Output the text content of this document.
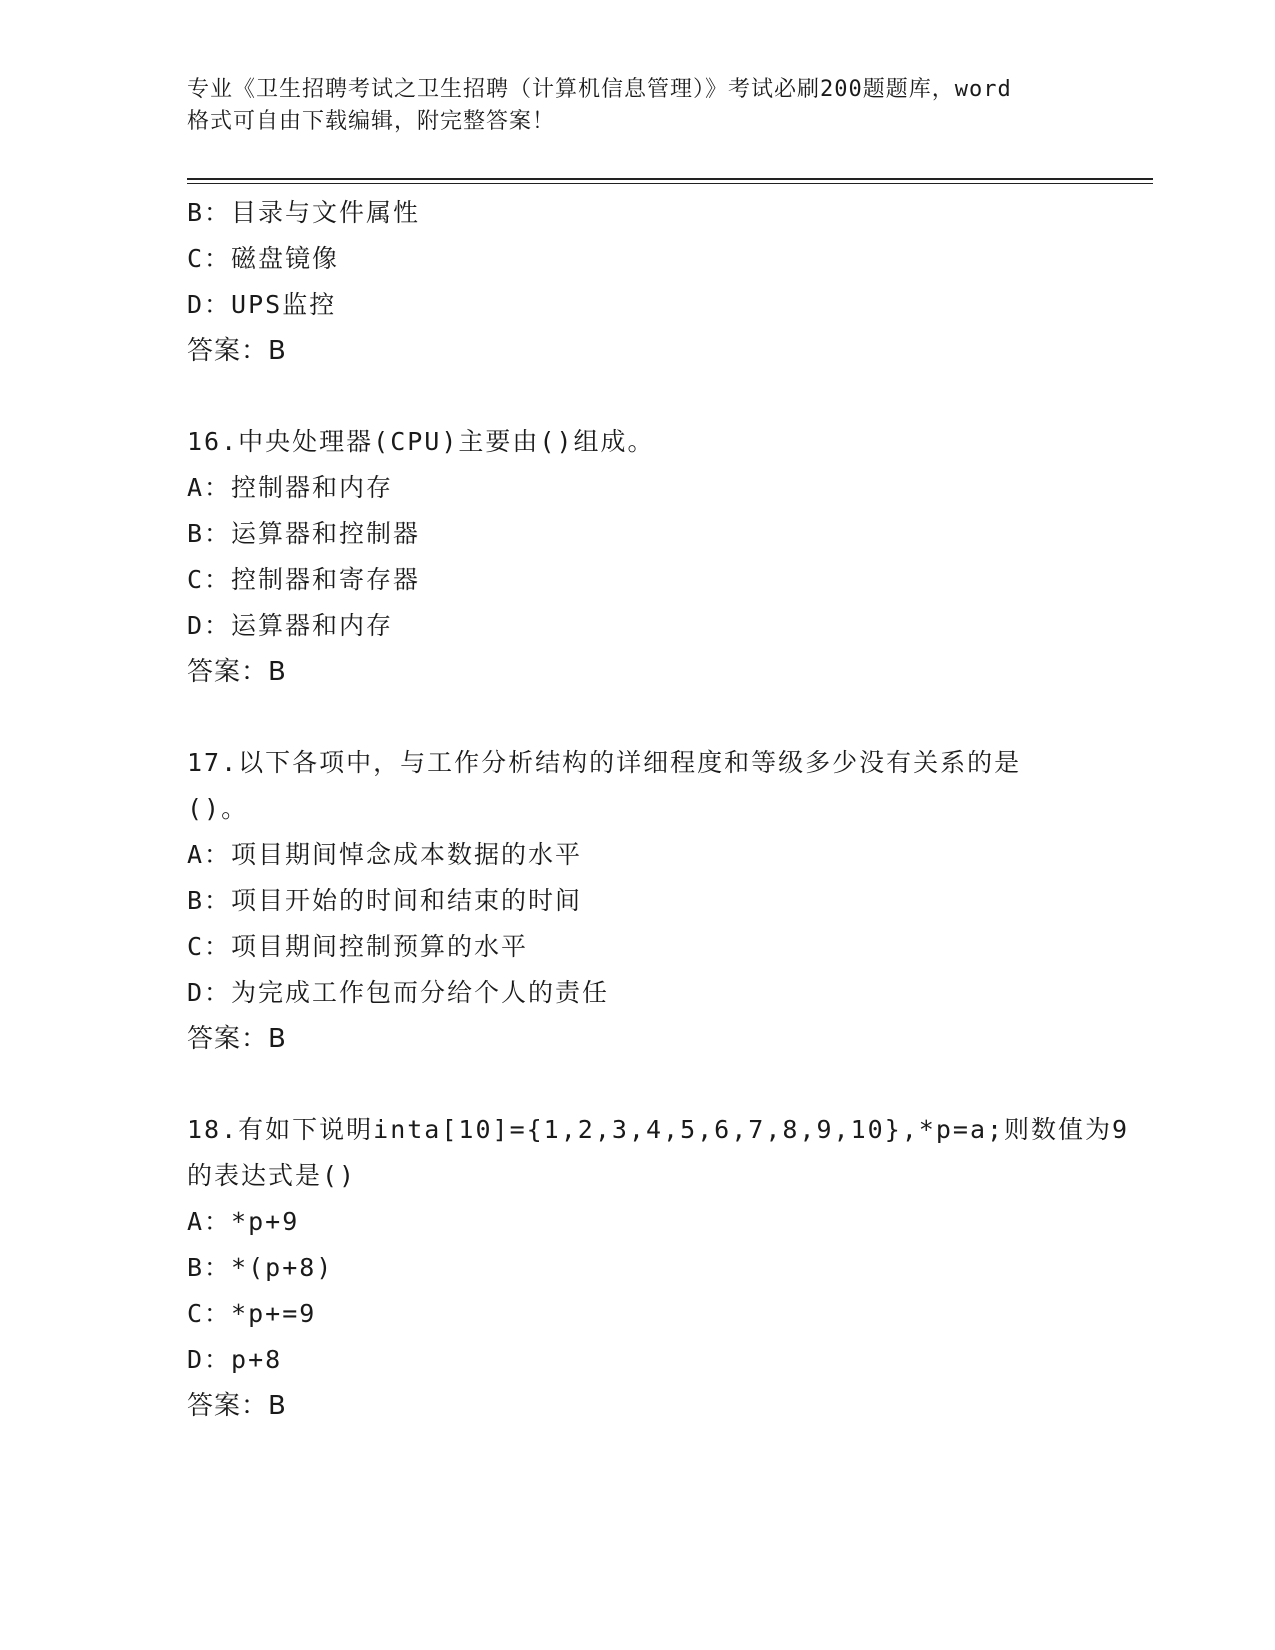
专业《卫生招聘考试之卫生招聘（计算机信息管理）》考试必刷200题题库，word
格式可自由下载编辑，附完整答案！
B：目录与文件属性
C：磁盘镜像
D：UPS监控
答案：B
16.中央处理器(CPU)主要由()组成。
A：控制器和内存
B：运算器和控制器
C：控制器和寄存器
D：运算器和内存
答案：B
17.以下各项中，与工作分析结构的详细程度和等级多少没有关系的是
()。
A：项目期间悼念成本数据的水平
B：项目开始的时间和结束的时间
C：项目期间控制预算的水平
D：为完成工作包而分给个人的责任
答案：B
18.有如下说明inta[10]={1,2,3,4,5,6,7,8,9,10},*p=a;则数值为9
的表达式是()
A：*p+9
B：*(p+8)
C：*p+=9
D：p+8
答案：B
